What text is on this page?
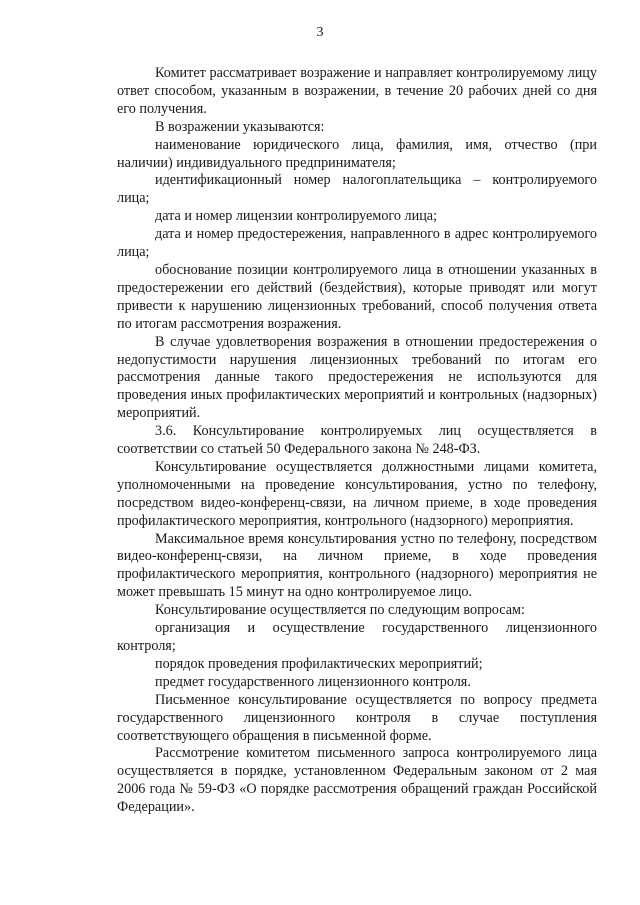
3

Комитет рассматривает возражение и направляет контролируемому лицу ответ способом, указанным в возражении, в течение 20 рабочих дней со дня его получения.

В возражении указываются:

наименование юридического лица, фамилия, имя, отчество (при наличии) индивидуального предпринимателя;

идентификационный номер налогоплательщика – контролируемого лица;

дата и номер лицензии контролируемого лица;

дата и номер предостережения, направленного в адрес контролируемого лица;

обоснование позиции контролируемого лица в отношении указанных в предостережении его действий (бездействия), которые приводят или могут привести к нарушению лицензионных требований, способ получения ответа по итогам рассмотрения возражения.

В случае удовлетворения возражения в отношении предостережения о недопустимости нарушения лицензионных требований по итогам его рассмотрения данные такого предостережения не используются для проведения иных профилактических мероприятий и контрольных (надзорных) мероприятий.

3.6. Консультирование контролируемых лиц осуществляется в соответствии со статьей 50 Федерального закона № 248-ФЗ.

Консультирование осуществляется должностными лицами комитета, уполномоченными на проведение консультирования, устно по телефону, посредством видео-конференц-связи, на личном приеме, в ходе проведения профилактического мероприятия, контрольного (надзорного) мероприятия.

Максимальное время консультирования устно по телефону, посредством видео-конференц-связи, на личном приеме, в ходе проведения профилактического мероприятия, контрольного (надзорного) мероприятия не может превышать 15 минут на одно контролируемое лицо.

Консультирование осуществляется по следующим вопросам:

организация и осуществление государственного лицензионного контроля;

порядок проведения профилактических мероприятий;

предмет государственного лицензионного контроля.

Письменное консультирование осуществляется по вопросу предмета государственного лицензионного контроля в случае поступления соответствующего обращения в письменной форме.

Рассмотрение комитетом письменного запроса контролируемого лица осуществляется в порядке, установленном Федеральным законом от 2 мая 2006 года № 59-ФЗ «О порядке рассмотрения обращений граждан Российской Федерации».
